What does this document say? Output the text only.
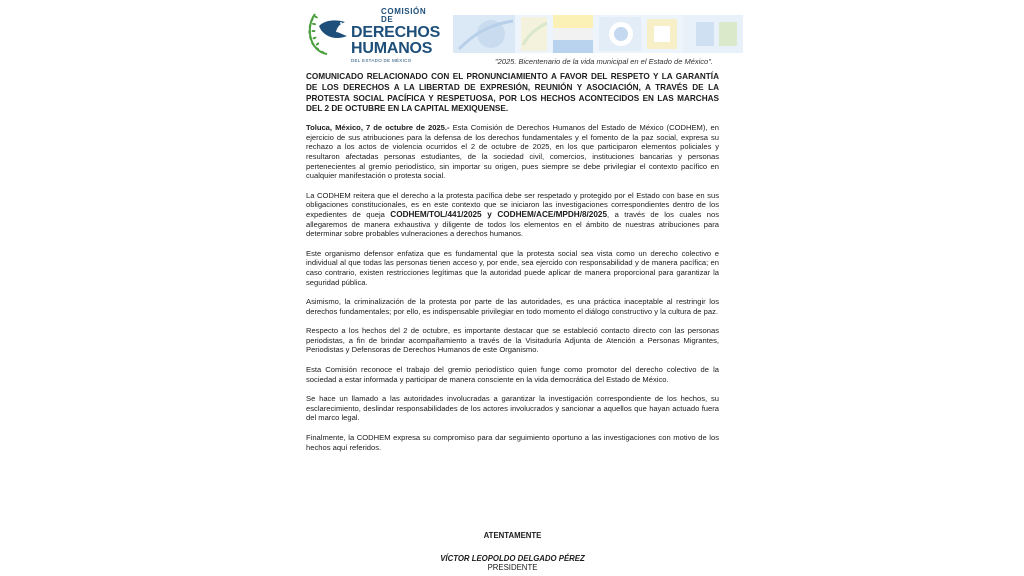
COMISIÓN DE
DERECHOS
HUMANOS
DEL ESTADO DE MÉXICO	"2025. Bicentenario de la vida municipal en el Estado de México".

COMUNICADO RELACIONADO CON EL PRONUNCIAMIENTO A FAVOR DEL RESPETO Y LA GARANTÍA DE LOS DERECHOS A LA LIBERTAD DE EXPRESIÓN, REUNIÓN Y ASOCIACIÓN, A TRAVÉS DE LA PROTESTA SOCIAL PACÍFICA Y RESPETUOSA, POR LOS HECHOS ACONTECIDOS EN LAS MARCHAS DEL 2 DE OCTUBRE EN LA CAPITAL MEXIQUENSE.

Toluca, México, 7 de octubre de 2025.- Esta Comisión de Derechos Humanos del Estado de México (CODHEM), en ejercicio de sus atribuciones para la defensa de los derechos fundamentales y el fomento de la paz social, expresa su rechazo a los actos de violencia ocurridos el 2 de octubre de 2025, en los que participaron elementos policiales y resultaron afectadas personas estudiantes, de la sociedad civil, comercios, instituciones bancarias y personas pertenecientes al gremio periodístico, sin importar su origen, pues siempre se debe privilegiar el contexto pacífico en cualquier manifestación o protesta social.

La CODHEM reitera que el derecho a la protesta pacífica debe ser respetado y protegido por el Estado con base en sus obligaciones constitucionales, es en este contexto que se iniciaron las investigaciones correspondientes dentro de los expedientes de queja CODHEM/TOL/441/2025 y CODHEM/ACE/MPDH/8/2025, a través de los cuales nos allegaremos de manera exhaustiva y diligente de todos los elementos en el ámbito de nuestras atribuciones para determinar sobre probables vulneraciones a derechos humanos.

Este organismo defensor enfatiza que es fundamental que la protesta social sea vista como un derecho colectivo e individual al que todas las personas tienen acceso y, por ende, sea ejercido con responsabilidad y de manera pacífica; en caso contrario, existen restricciones legítimas que la autoridad puede aplicar de manera proporcional para garantizar la seguridad pública.

Asimismo, la criminalización de la protesta por parte de las autoridades, es una práctica inaceptable al restringir los derechos fundamentales; por ello, es indispensable privilegiar en todo momento el diálogo constructivo y la cultura de paz.

Respecto a los hechos del 2 de octubre, es importante destacar que se estableció contacto directo con las personas periodistas, a fin de brindar acompañamiento a través de la Visitaduría Adjunta de Atención a Personas Migrantes, Periodistas y Defensoras de Derechos Humanos de este Organismo.

Esta Comisión reconoce el trabajo del gremio periodístico quien funge como promotor del derecho colectivo de la sociedad a estar informada y participar de manera consciente en la vida democrática del Estado de México.

Se hace un llamado a las autoridades involucradas a garantizar la investigación correspondiente de los hechos, su esclarecimiento, deslindar responsabilidades de los actores involucrados y sancionar a aquellos que hayan actuado fuera del marco legal.

Finalmente, la CODHEM expresa su compromiso para dar seguimiento oportuno a las investigaciones con motivo de los hechos aquí referidos.

ATENTAMENTE
VÍCTOR LEOPOLDO DELGADO PÉREZ
PRESIDENTE
